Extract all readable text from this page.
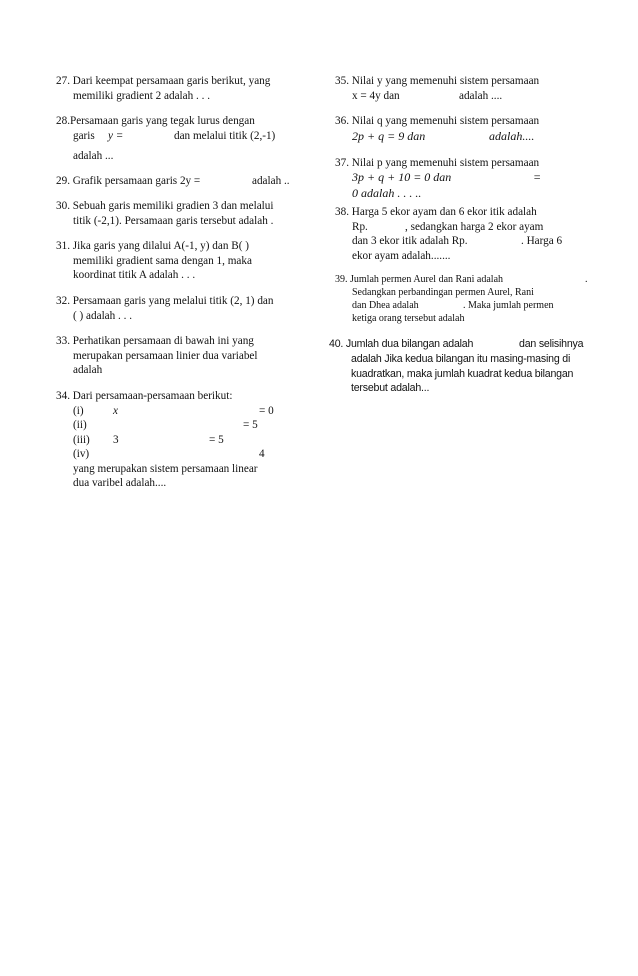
27. Dari keempat persamaan garis berikut, yang
memiliki gradient 2 adalah . . .
28.Persamaan garis yang tegak lurus dengan
garis y =	dan melalui titik (2,-1)
adalah ...
29. Grafik persamaan garis 2y =	adalah ..
30. Sebuah garis memiliki gradien 3 dan melalui
titik (-2,1). Persamaan garis tersebut adalah .
31. Jika garis yang dilalui A(-1, y) dan B( )
memiliki gradient sama dengan 1, maka
koordinat titik A adalah . . .
32. Persamaan garis yang melalui titik (2, 1) dan
( ) adalah . . .
33. Perhatikan persamaan di bawah ini yang
merupakan persamaan linier dua variabel
adalah
34. Dari persamaan-persamaan berikut:
(i)	x	= 0
(ii)	= 5
(iii) 3	= 5
(iv)	4
yang merupakan sistem persamaan linear
dua varibel adalah....
35. Nilai y yang memenuhi sistem persamaan
x = 4y dan	adalah ....
36. Nilai q yang memenuhi sistem persamaan
2p + q = 9 dan	adalah....
37. Nilai p yang memenuhi sistem persamaan
3p + q + 10 = 0 dan	=
0 adalah . . . ..
38. Harga 5 ekor ayam dan 6 ekor itik adalah
Rp.	, sedangkan harga 2 ekor ayam
dan 3 ekor itik adalah Rp.	. Harga 6
ekor ayam adalah.......
39. Jumlah permen Aurel dan Rani adalah	.
Sedangkan perbandingan permen Aurel, Rani
dan Dhea adalah	. Maka jumlah permen
ketiga orang tersebut adalah
40. Jumlah dua bilangan adalah	dan selisihnya
adalah Jika kedua bilangan itu masing-masing di
kuadratkan, maka jumlah kuadrat kedua bilangan
tersebut adalah...
